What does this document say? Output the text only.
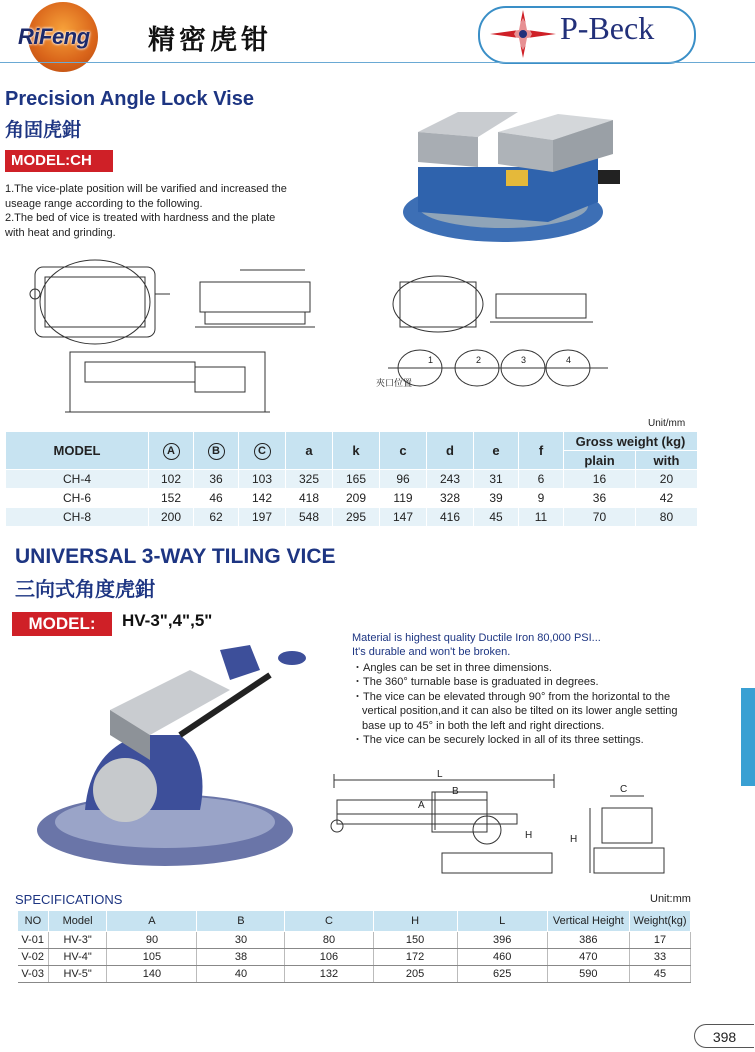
RiFeng 精密虎钳	P-Beck
Precision Angle Lock Vise
角固虎鉗
MODEL:CH
1.The vice-plate position will be varified and increased the
useage range according to the following.
2.The bed of vice is treated with hardness and the plate
with heat and grinding.
夾口位置
1	2	3	4
Unit/mm
MODEL	A	B	C	a	k	c	d	e	f	Gross weight (kg)	
										plain	with
CH-4	102	36	103	325	165	96	243	31	6	16	20
CH-6	152	46	142	418	209	119	328	39	9	36	42
CH-8	200	62	197	548	295	147	416	45	11	70	80
UNIVERSAL 3-WAY TILING VICE
三向式角度虎鉗
MODEL:	HV-3",4",5"
Material is highest quality Ductile Iron 80,000 PSI...
It's durable and won't be broken.
・Angles can be set in three dimensions.
・The 360° turnable base is graduated in degrees.
・The vice can be elevated through 90° from the horizontal to the vertical position,and it can also be tilted on its lower angle setting base up to 45° in both the left and right directions.
・The vice can be securely locked in all of its three settings.
L
B
A
H
C
H
SPECIFICATIONS	Unit:mm
NO	Model	A	B	C	H	L	Vertical Height	Weight(kg)
V-01	HV-3"	90	30	80	150	396	386	17
V-02	HV-4"	105	38	106	172	460	470	33
V-03	HV-5"	140	40	132	205	625	590	45
398
